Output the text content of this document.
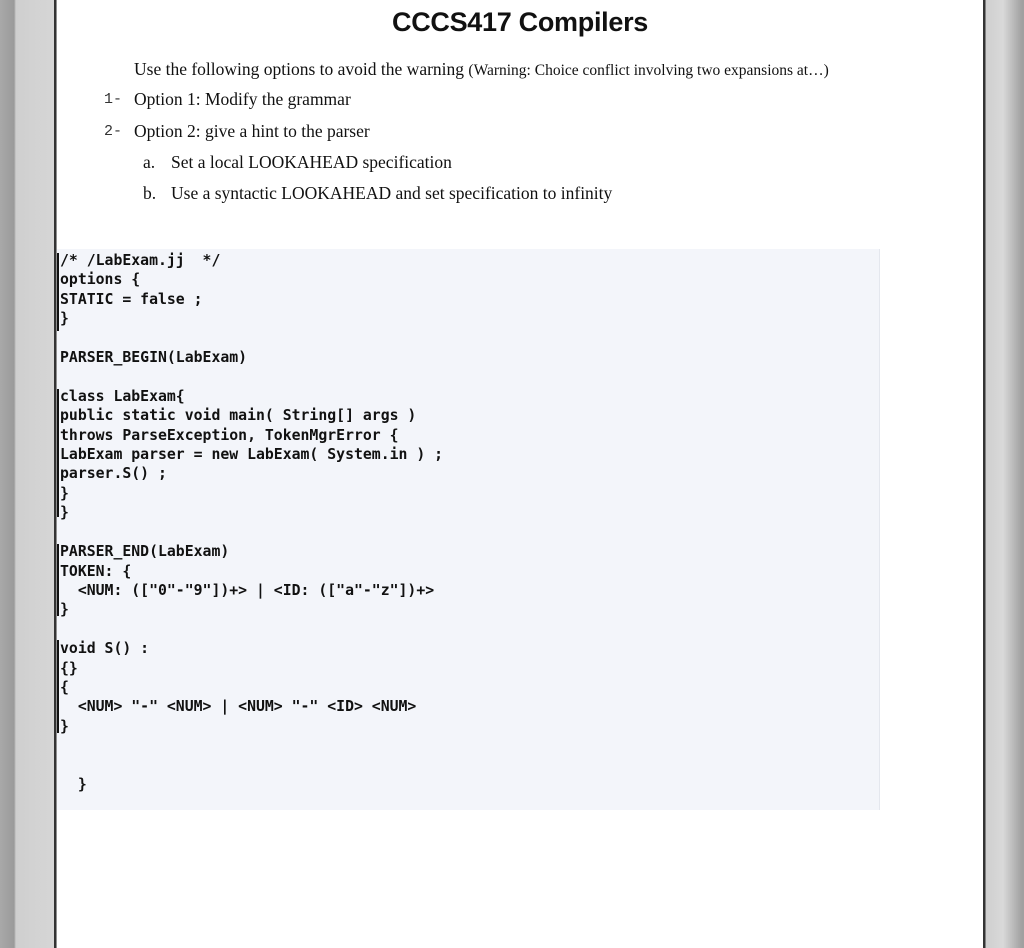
CCCS417 Compilers
Use the following options to avoid the warning (Warning: Choice conflict involving two expansions at…)
1- Option 1: Modify the grammar
2- Option 2: give a hint to the parser
a. Set a local LOOKAHEAD specification
b. Use a syntactic LOOKAHEAD and set specification to infinity
/* /LabExam.jj  */
options {
STATIC = false ;
}

PARSER_BEGIN(LabExam)

class LabExam{
public static void main( String[] args )
throws ParseException, TokenMgrError {
LabExam parser = new LabExam( System.in ) ;
parser.S() ;
}
}

PARSER_END(LabExam)
TOKEN: {
<NUM: (["0"-"9"])+> | <ID: (["a"-"z"])+>
}

void S() :
{}
{
<NUM> "-" <NUM> | <NUM> "-" <ID> <NUM>
}

}
